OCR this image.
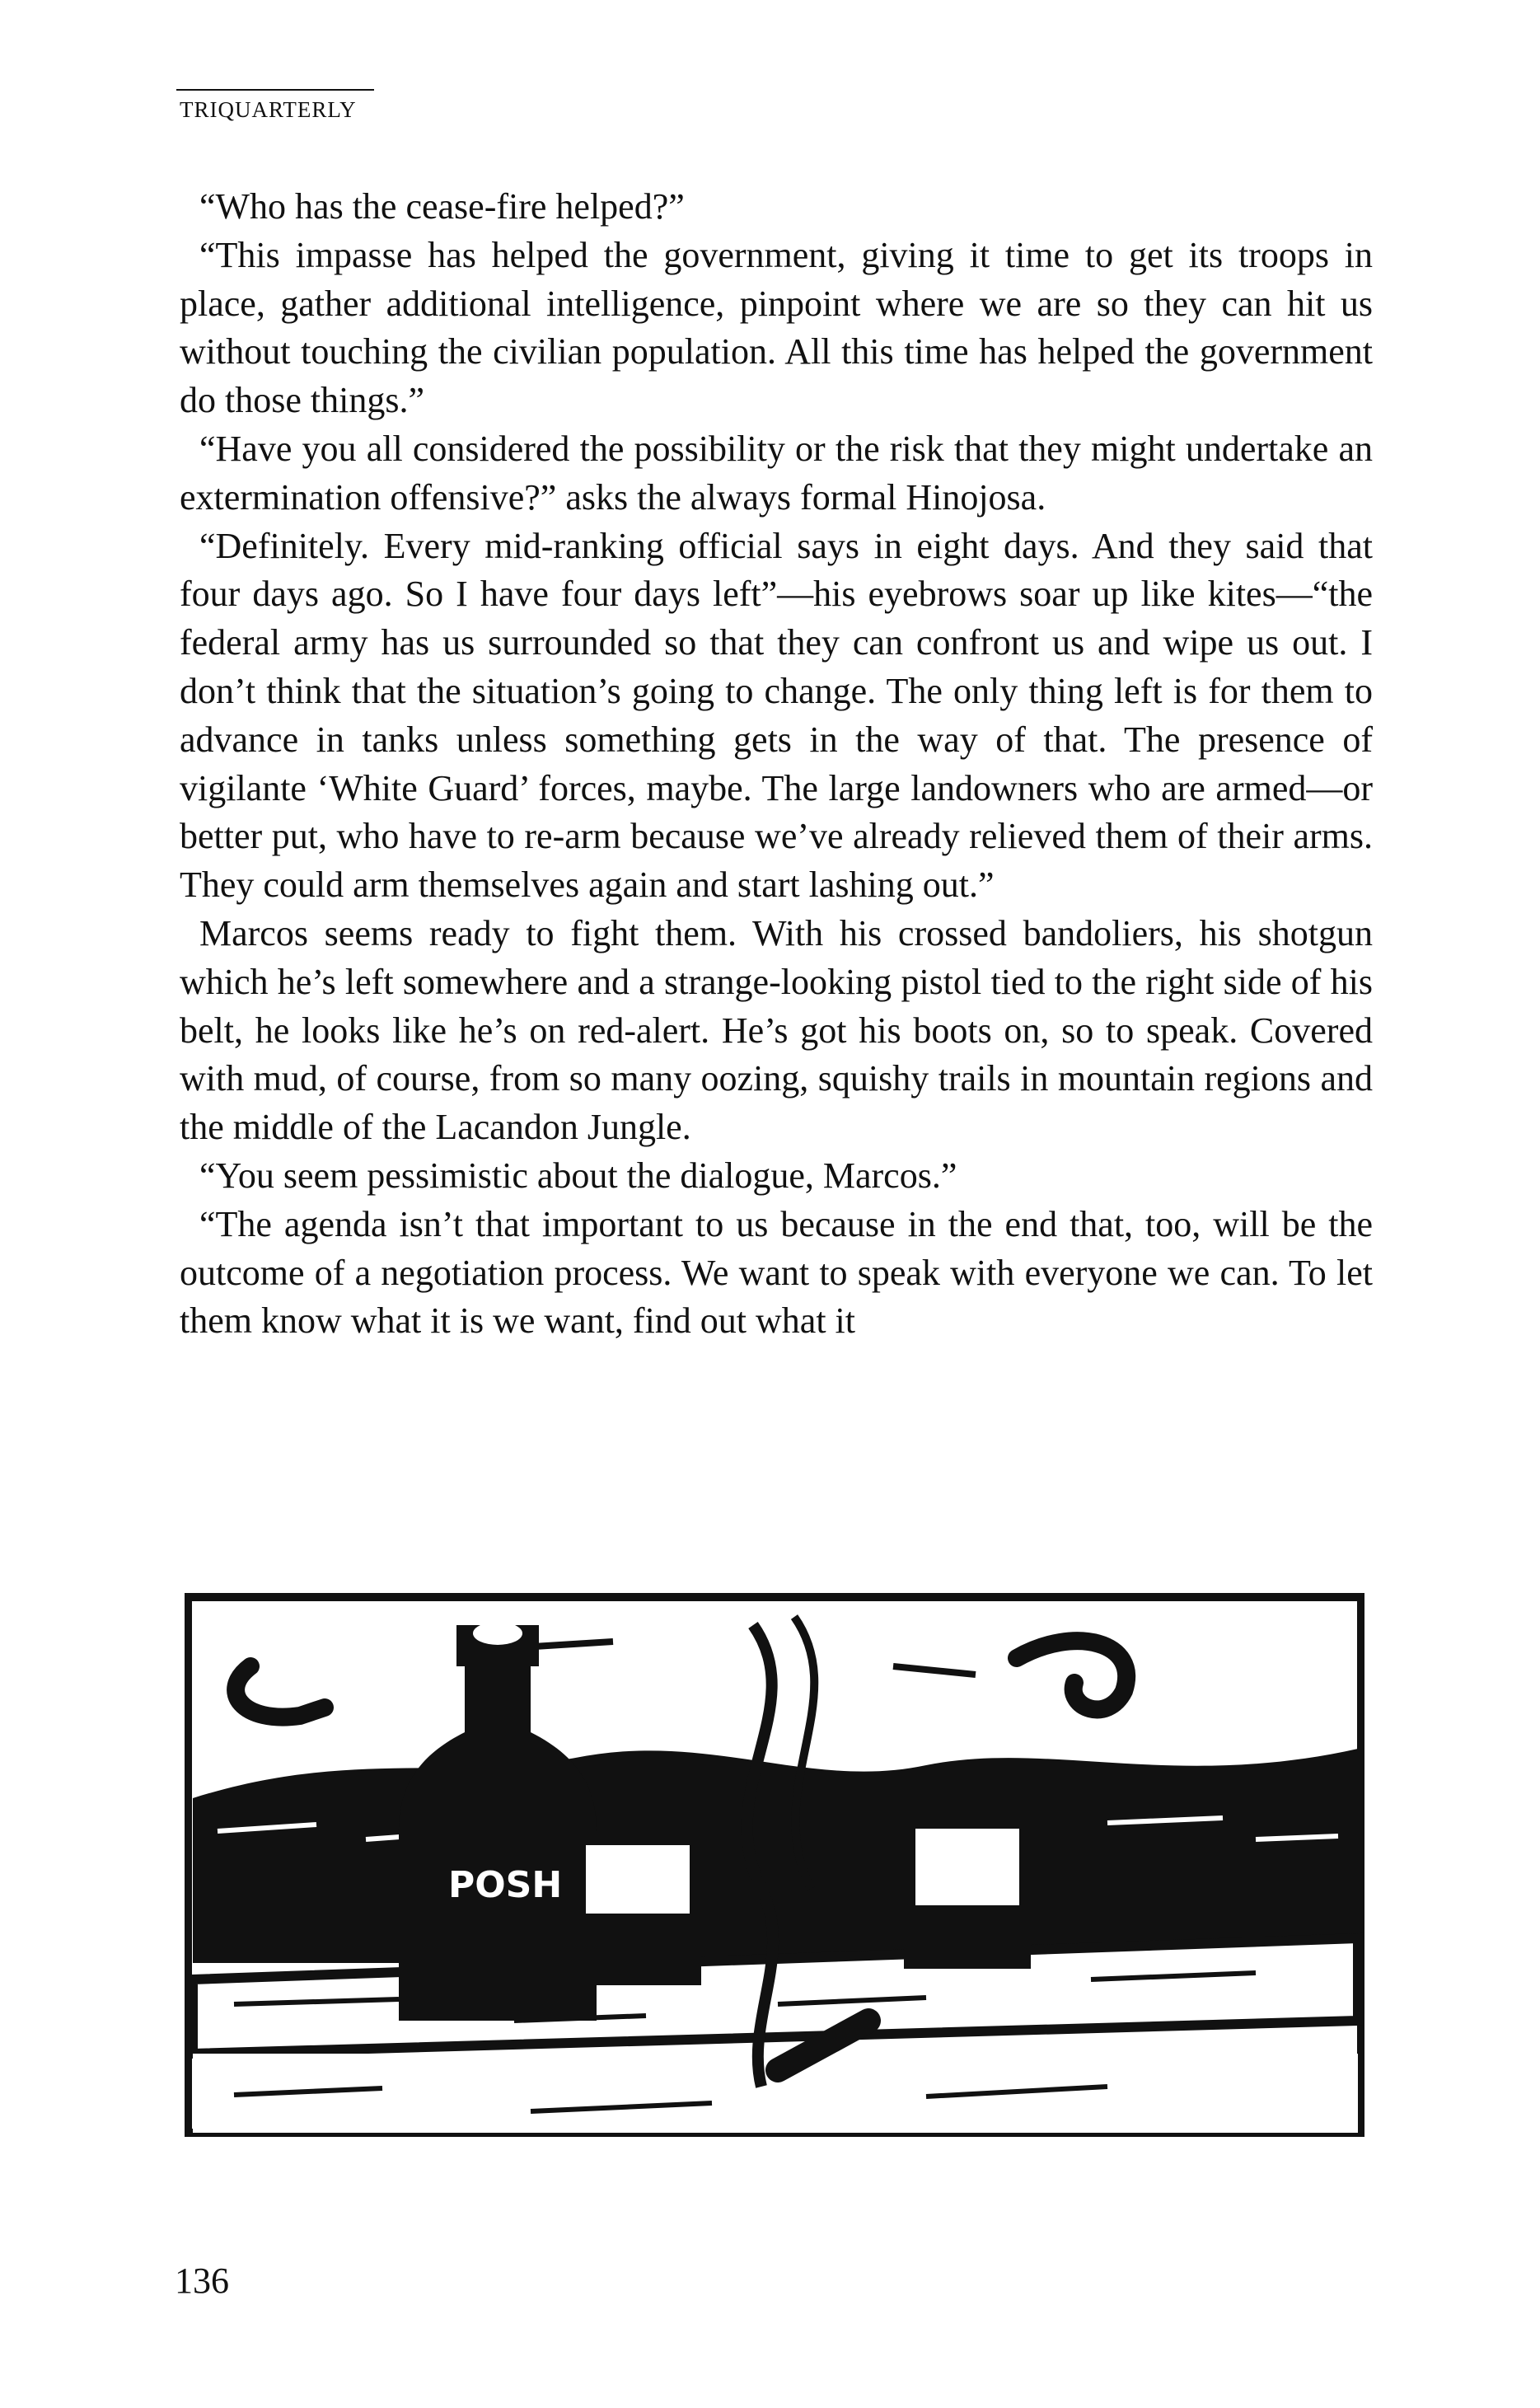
TRIQUARTERLY

“Who has the cease-fire helped?”

“This impasse has helped the government, giving it time to get its troops in place, gather additional intelligence, pinpoint where we are so they can hit us without touching the civilian population. All this time has helped the government do those things.”

“Have you all considered the possibility or the risk that they might undertake an extermination offensive?” asks the always formal Hinojosa.

“Definitely. Every mid-ranking official says in eight days. And they said that four days ago. So I have four days left”—his eyebrows soar up like kites—“the federal army has us surrounded so that they can confront us and wipe us out. I don’t think that the situation’s going to change. The only thing left is for them to advance in tanks unless something gets in the way of that. The presence of vigilante ‘White Guard’ forces, maybe. The large landowners who are armed—or better put, who have to re-arm because we’ve already relieved them of their arms. They could arm themselves again and start lashing out.”

Marcos seems ready to fight them. With his crossed bandoliers, his shotgun which he’s left somewhere and a strange-looking pistol tied to the right side of his belt, he looks like he’s on red-alert. He’s got his boots on, so to speak. Covered with mud, of course, from so many oozing, squishy trails in mountain regions and the middle of the Lacandon Jungle.

“You seem pessimistic about the dialogue, Marcos.”

“The agenda isn’t that important to us because in the end that, too, will be the outcome of a negotiation process. We want to speak with everyone we can. To let them know what it is we want, find out what it

POSH
136
